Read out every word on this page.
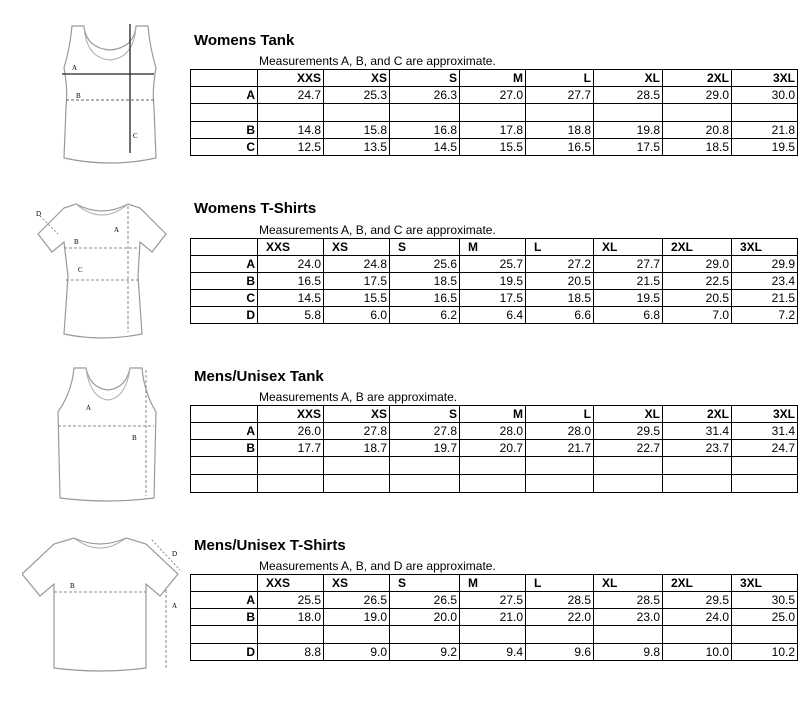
A
B
C
Womens Tank
Measurements A, B, and C are approximate.
	XXS	XS	S	M	L	XL	2XL	3XL
A	24.7	25.3	26.3	27.0	27.7	28.5	29.0	30.0

B	14.8	15.8	16.8	17.8	18.8	19.8	20.8	21.8
C	12.5	13.5	14.5	15.5	16.5	17.5	18.5	19.5
A
B
C
D	Womens T-Shirts
Measurements A, B, and C are approximate.
	XXS	XS	S	M	L	XL	2XL	3XL
A	24.0	24.8	25.6	25.7	27.2	27.7	29.0	29.9
B	16.5	17.5	18.5	19.5	20.5	21.5	22.5	23.4
C	14.5	15.5	16.5	17.5	18.5	19.5	20.5	21.5
D	5.8	6.0	6.2	6.4	6.6	6.8	7.0	7.2
A
B
Mens/Unisex Tank
Measurements A, B are approximate.
	XXS	XS	S	M	L	XL	2XL	3XL
A	26.0	27.8	27.8	28.0	28.0	29.5	31.4	31.4
B	17.7	18.7	19.7	20.7	21.7	22.7	23.7	24.7

B
D
A
Mens/Unisex T-Shirts
Measurements A, B, and D are approximate.
	XXS	XS	S	M	L	XL	2XL	3XL
A	25.5	26.5	26.5	27.5	28.5	28.5	29.5	30.5
B	18.0	19.0	20.0	21.0	22.0	23.0	24.0	25.0

D	8.8	9.0	9.2	9.4	9.6	9.8	10.0	10.2
